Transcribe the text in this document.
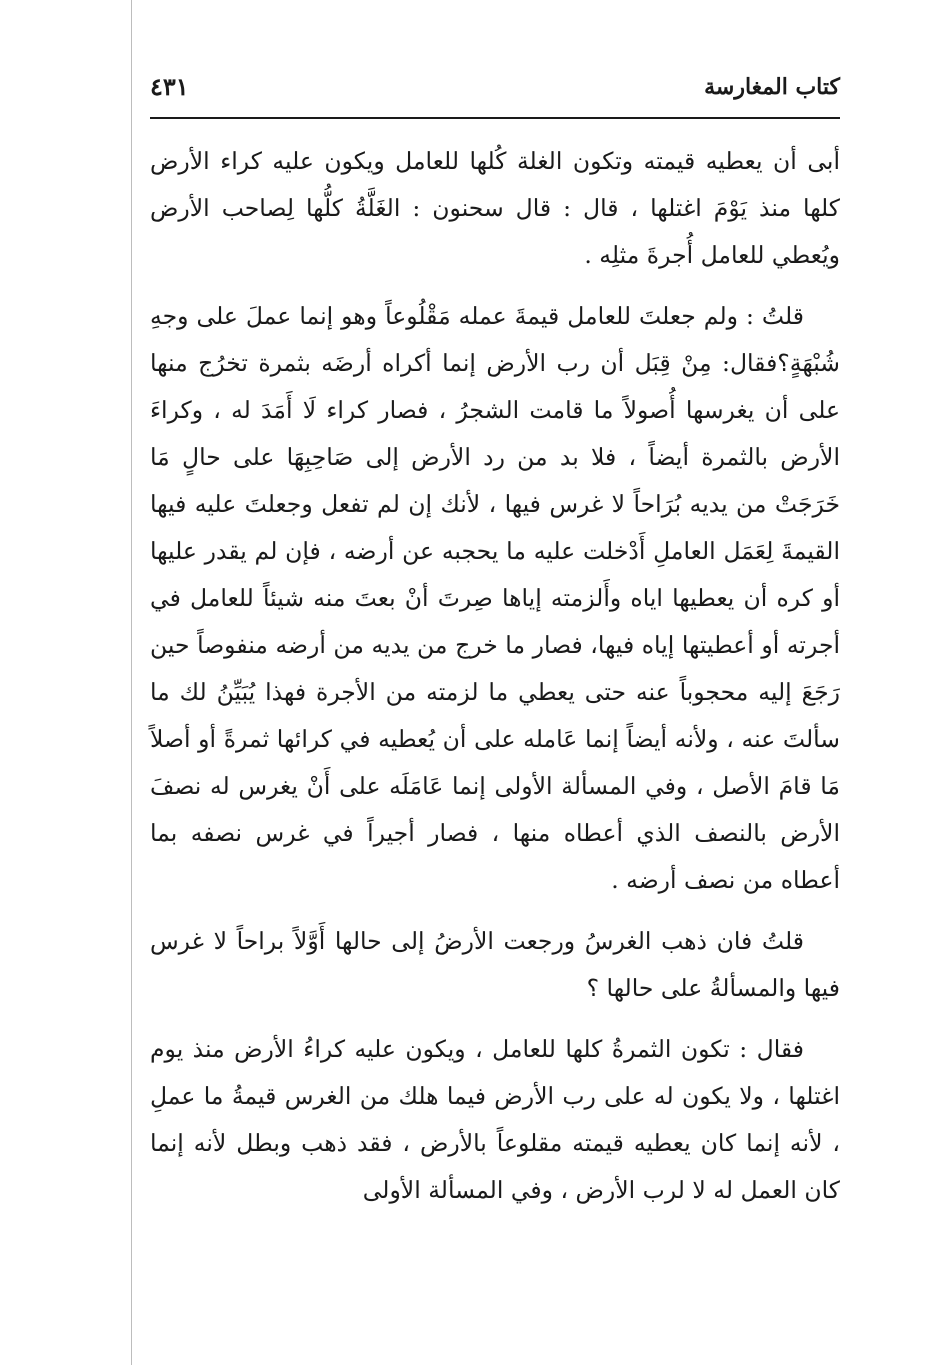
كتاب المغارسة
٤٣١

أبى أن يعطيه قيمته وتكون الغلة كُلها للعامل ويكون عليه كراء الأرض كلها منذ يَوْمَ اغتلها ، قال : قال سحنون : الغَلَّةُ كلُّها لِصاحب الأرض ويُعطي للعامل أُجرةَ مثلِه .

قلتُ : ولم جعلتَ للعامل قيمةَ عمله مَقْلُوعاً وهو إنما عملَ على وجهِ شُبْهَةٍ؟فقال: مِنْ قِبَل أن رب الأرض إنما أكراه أرضَه بثمرة تخرُج منها على أن يغرسها أُصولاً ما قامت الشجرُ ، فصار كراء لَا أَمَدَ له ، وكراءَ الأرض بالثمرة أيضاً ، فلا بد من رد الأرض إلى صَاحِبِهَا على حالٍ مَا خَرَجَتْ من يديه بُرَاحاً لا غرس فيها ، لأنك إن لم تفعل وجعلتَ عليه فيها القيمةَ لِعَمَل العاملِ أَدْخلت عليه ما يحجبه عن أرضه ، فإن لم يقدر عليها أو كره أن يعطيها اياه وأَلزمته إياها صِرتَ أنْ بعتَ منه شيئاً للعامل في أجرته أو أعطيتها إياه فيها، فصار ما خرج من يديه من أرضه منفوصاً حين رَجَعَ إليه محجوباً عنه حتى يعطي ما لزمته من الأجرة فهذا يُبَيِّنُ لك ما سألتَ عنه ، ولأنه أيضاً إنما عَامله على أن يُعطيه في كرائها ثمرةً أو أصلاً مَا قامَ الأصل ، وفي المسألة الأولى إنما عَامَلَه على أَنْ يغرس له نصفَ الأرض بالنصف الذي أعطاه منها ، فصار أجيراً في غرس نصفه بما أعطاه من نصف أرضه .

قلتُ فان ذهب الغرسُ ورجعت الأرضُ إلى حالها أَوَّلاً براحاً لا غرس فيها والمسألةُ على حالها ؟

فقال : تكون الثمرةُ كلها للعامل ، ويكون عليه كراءُ الأرض منذ يوم اغتلها ، ولا يكون له على رب الأرض فيما هلك من الغرس قيمةُ ما عملِ ، لأنه إنما كان يعطيه قيمته مقلوعاً بالأرض ، فقد ذهب وبطل لأنه إنما كان العمل له لا لرب الأرض ، وفي المسألة الأولى
